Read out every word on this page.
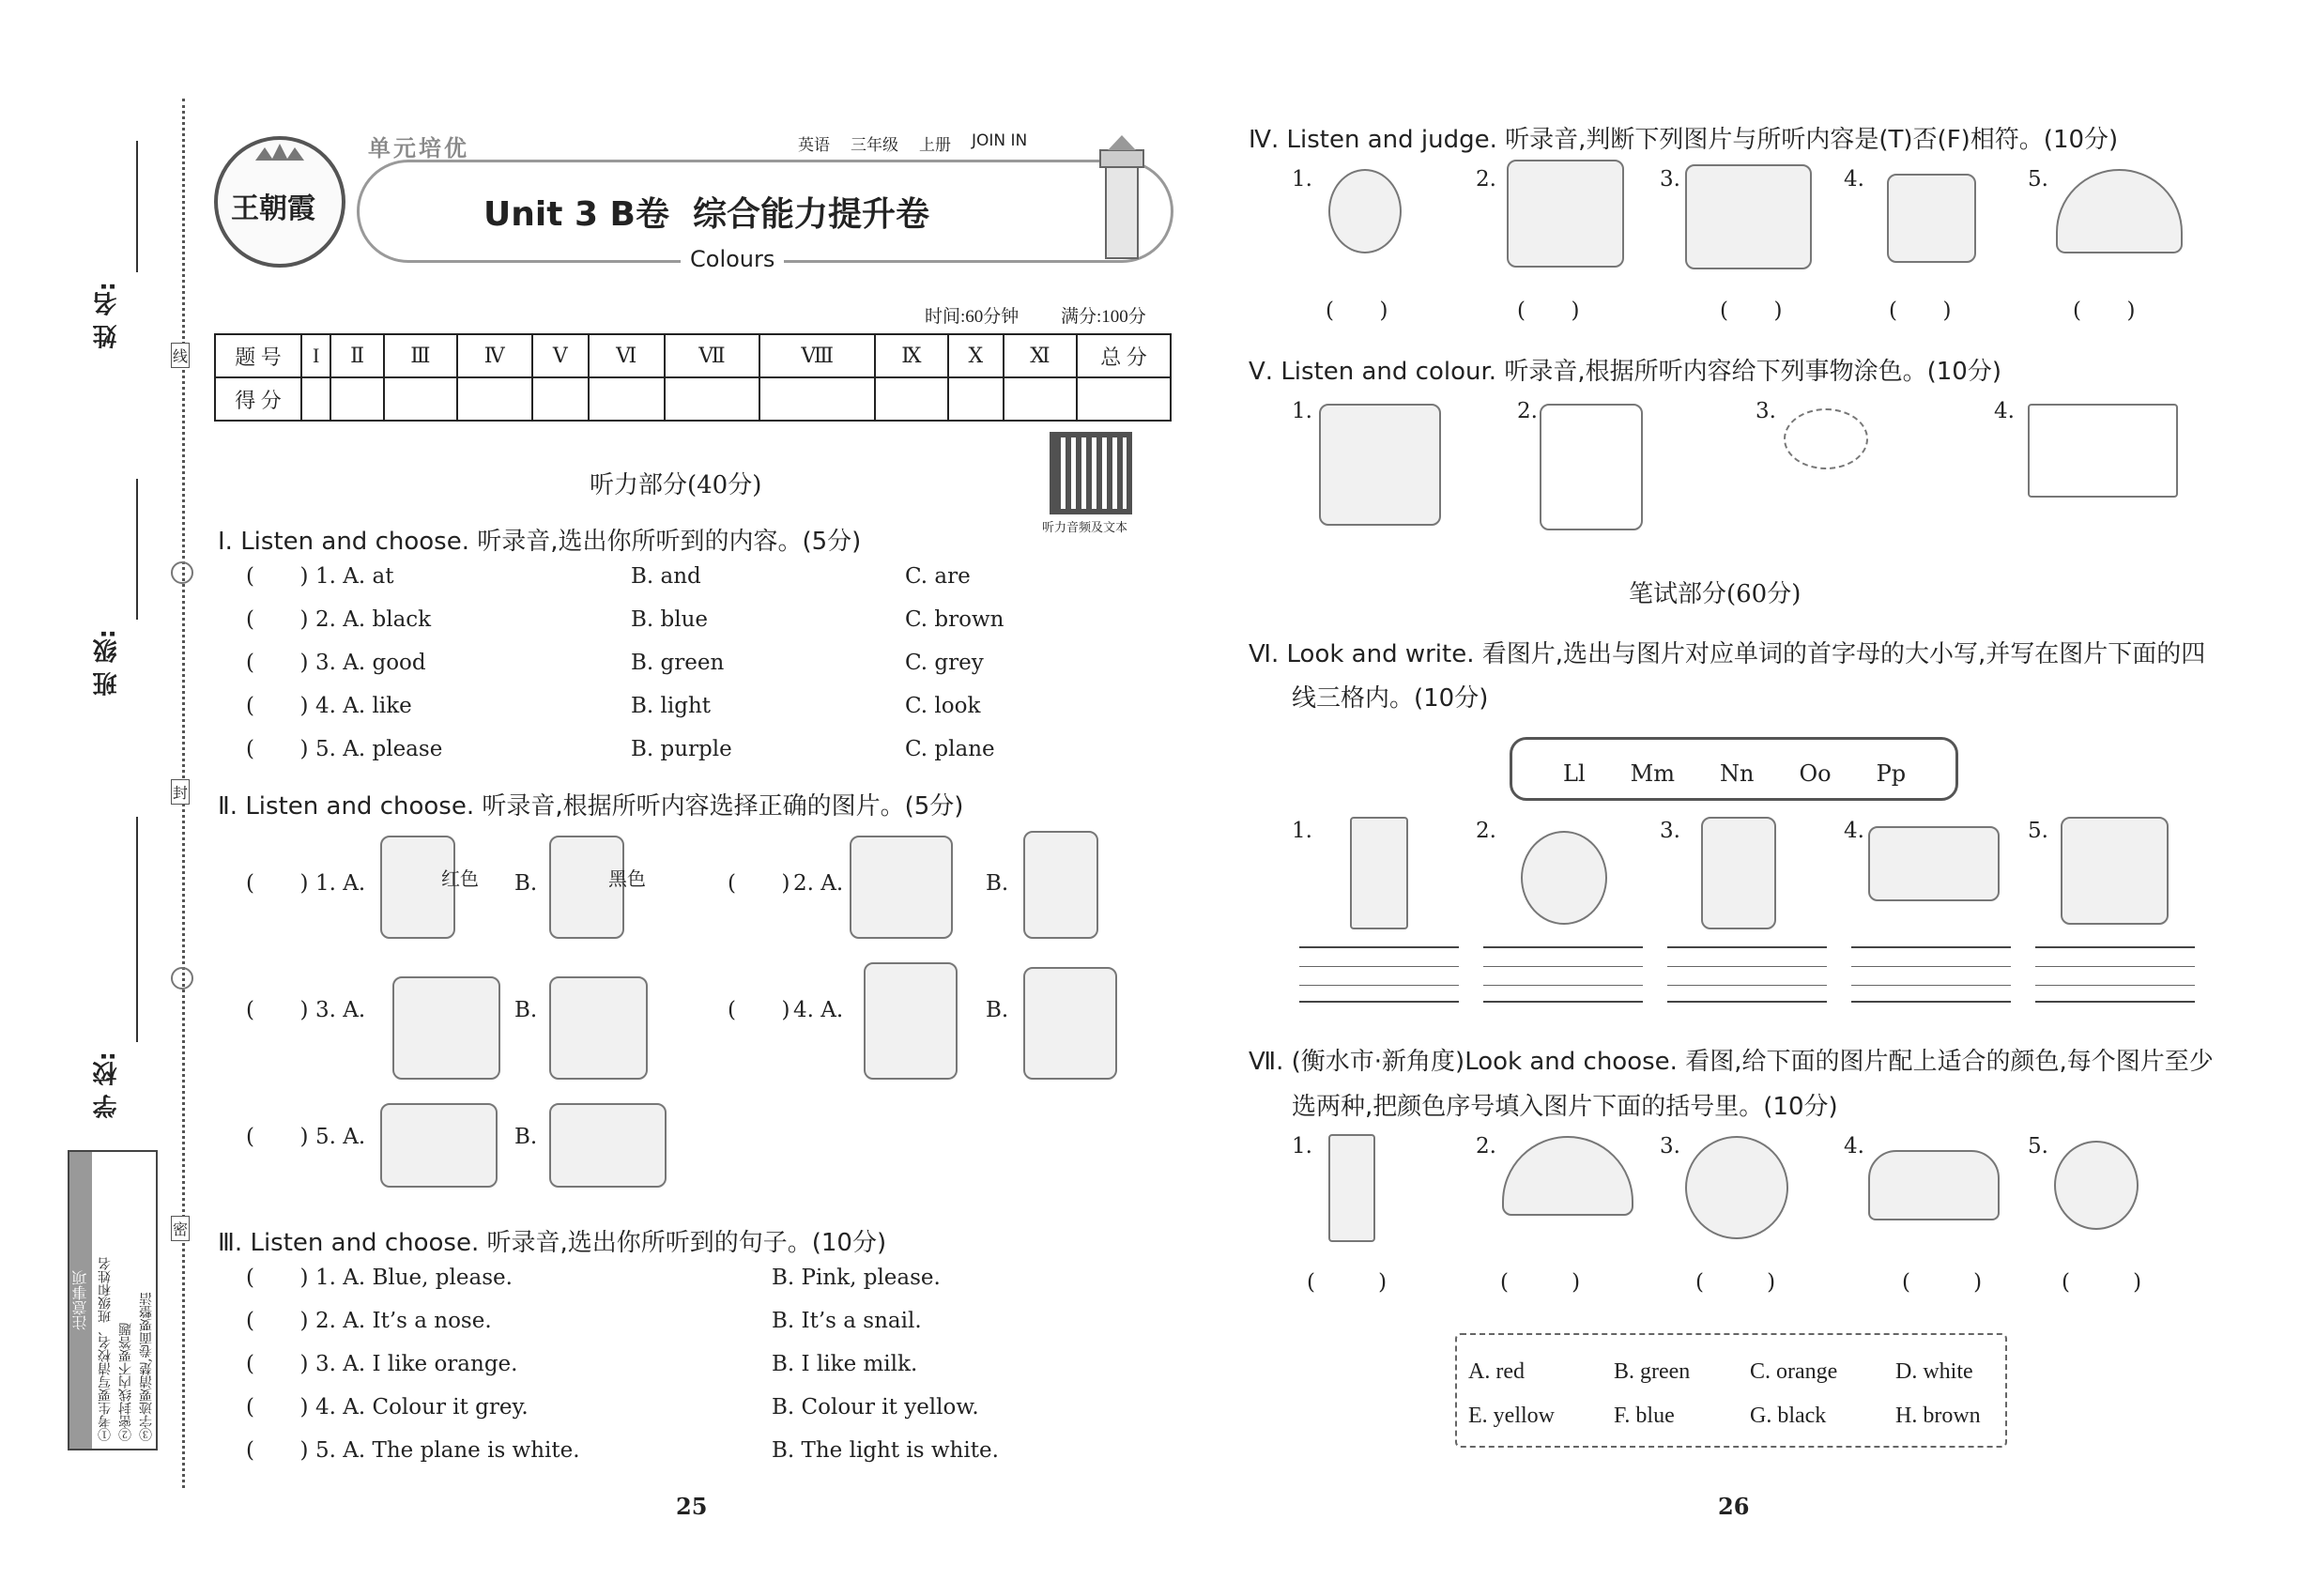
线
封
密
姓 名:
班 级:
学 校:
注意事项 ①考生要写清校名、班级和姓名 ②密封线内不要答题 ③字迹要清楚,卷面要整洁
王朝霞
单元培优	英语 三年级 上册 JOIN IN
Unit 3 B卷  综合能力提升卷
Colours
时间:60分钟 满分:100分
题 号	I	Ⅱ	Ⅲ	Ⅳ	Ⅴ	Ⅵ	Ⅶ	Ⅷ	Ⅸ	Ⅹ	Ⅺ	总 分
得 分												
听力部分(40分)
听力音频及文本
Ⅰ. Listen and choose. 听录音,选出你所听到的内容。(5分)
(     ) 1. A. at	B. and	C. are
(     ) 2. A. black	B. blue	C. brown
(     ) 3. A. good	B. green	C. grey
(     ) 4. A. like	B. light	C. look
(     ) 5. A. please	B. purple	C. plane
Ⅱ. Listen and choose. 听录音,根据所听内容选择正确的图片。(5分)
(     ) 1. A.	红色 B.	黑色	(     ) 2. A.	B.
(     ) 3. A.	B.	(     ) 4. A.	B.
(     ) 5. A.	B.
Ⅲ. Listen and choose. 听录音,选出你所听到的句子。(10分)
(     ) 1. A. Blue, please.	B. Pink, please.
(     ) 2. A. It’s a nose.	B. It’s a snail.
(     ) 3. A. I like orange.	B. I like milk.
(     ) 4. A. Colour it grey.	B. Colour it yellow.
(     ) 5. A. The plane is white.	B. The light is white.
25
Ⅳ. Listen and judge. 听录音,判断下列图片与所听内容是(T)否(F)相符。(10分)
1.	2.	3.	4.	5.
(     )	(     )	(     )	(     )	(     )
Ⅴ. Listen and colour. 听录音,根据所听内容给下列事物涂色。(10分)
1.	2.	3.	4.
笔试部分(60分)
Ⅵ. Look and write. 看图片,选出与图片对应单词的首字母的大小写,并写在图片下面的四
线三格内。(10分)
Ll Mm Nn Oo Pp
1.	2.	3.	4.	5.
Ⅶ. (衡水市·新角度)Look and choose. 看图,给下面的图片配上适合的颜色,每个图片至少
选两种,把颜色序号填入图片下面的括号里。(10分)
1.	2.	3.	4.	5.
(       )	(       )	(       )	(       )	(       )
A. red	B. green	C. orange	D. white
E. yellow	F. blue	G. black	H. brown
26
